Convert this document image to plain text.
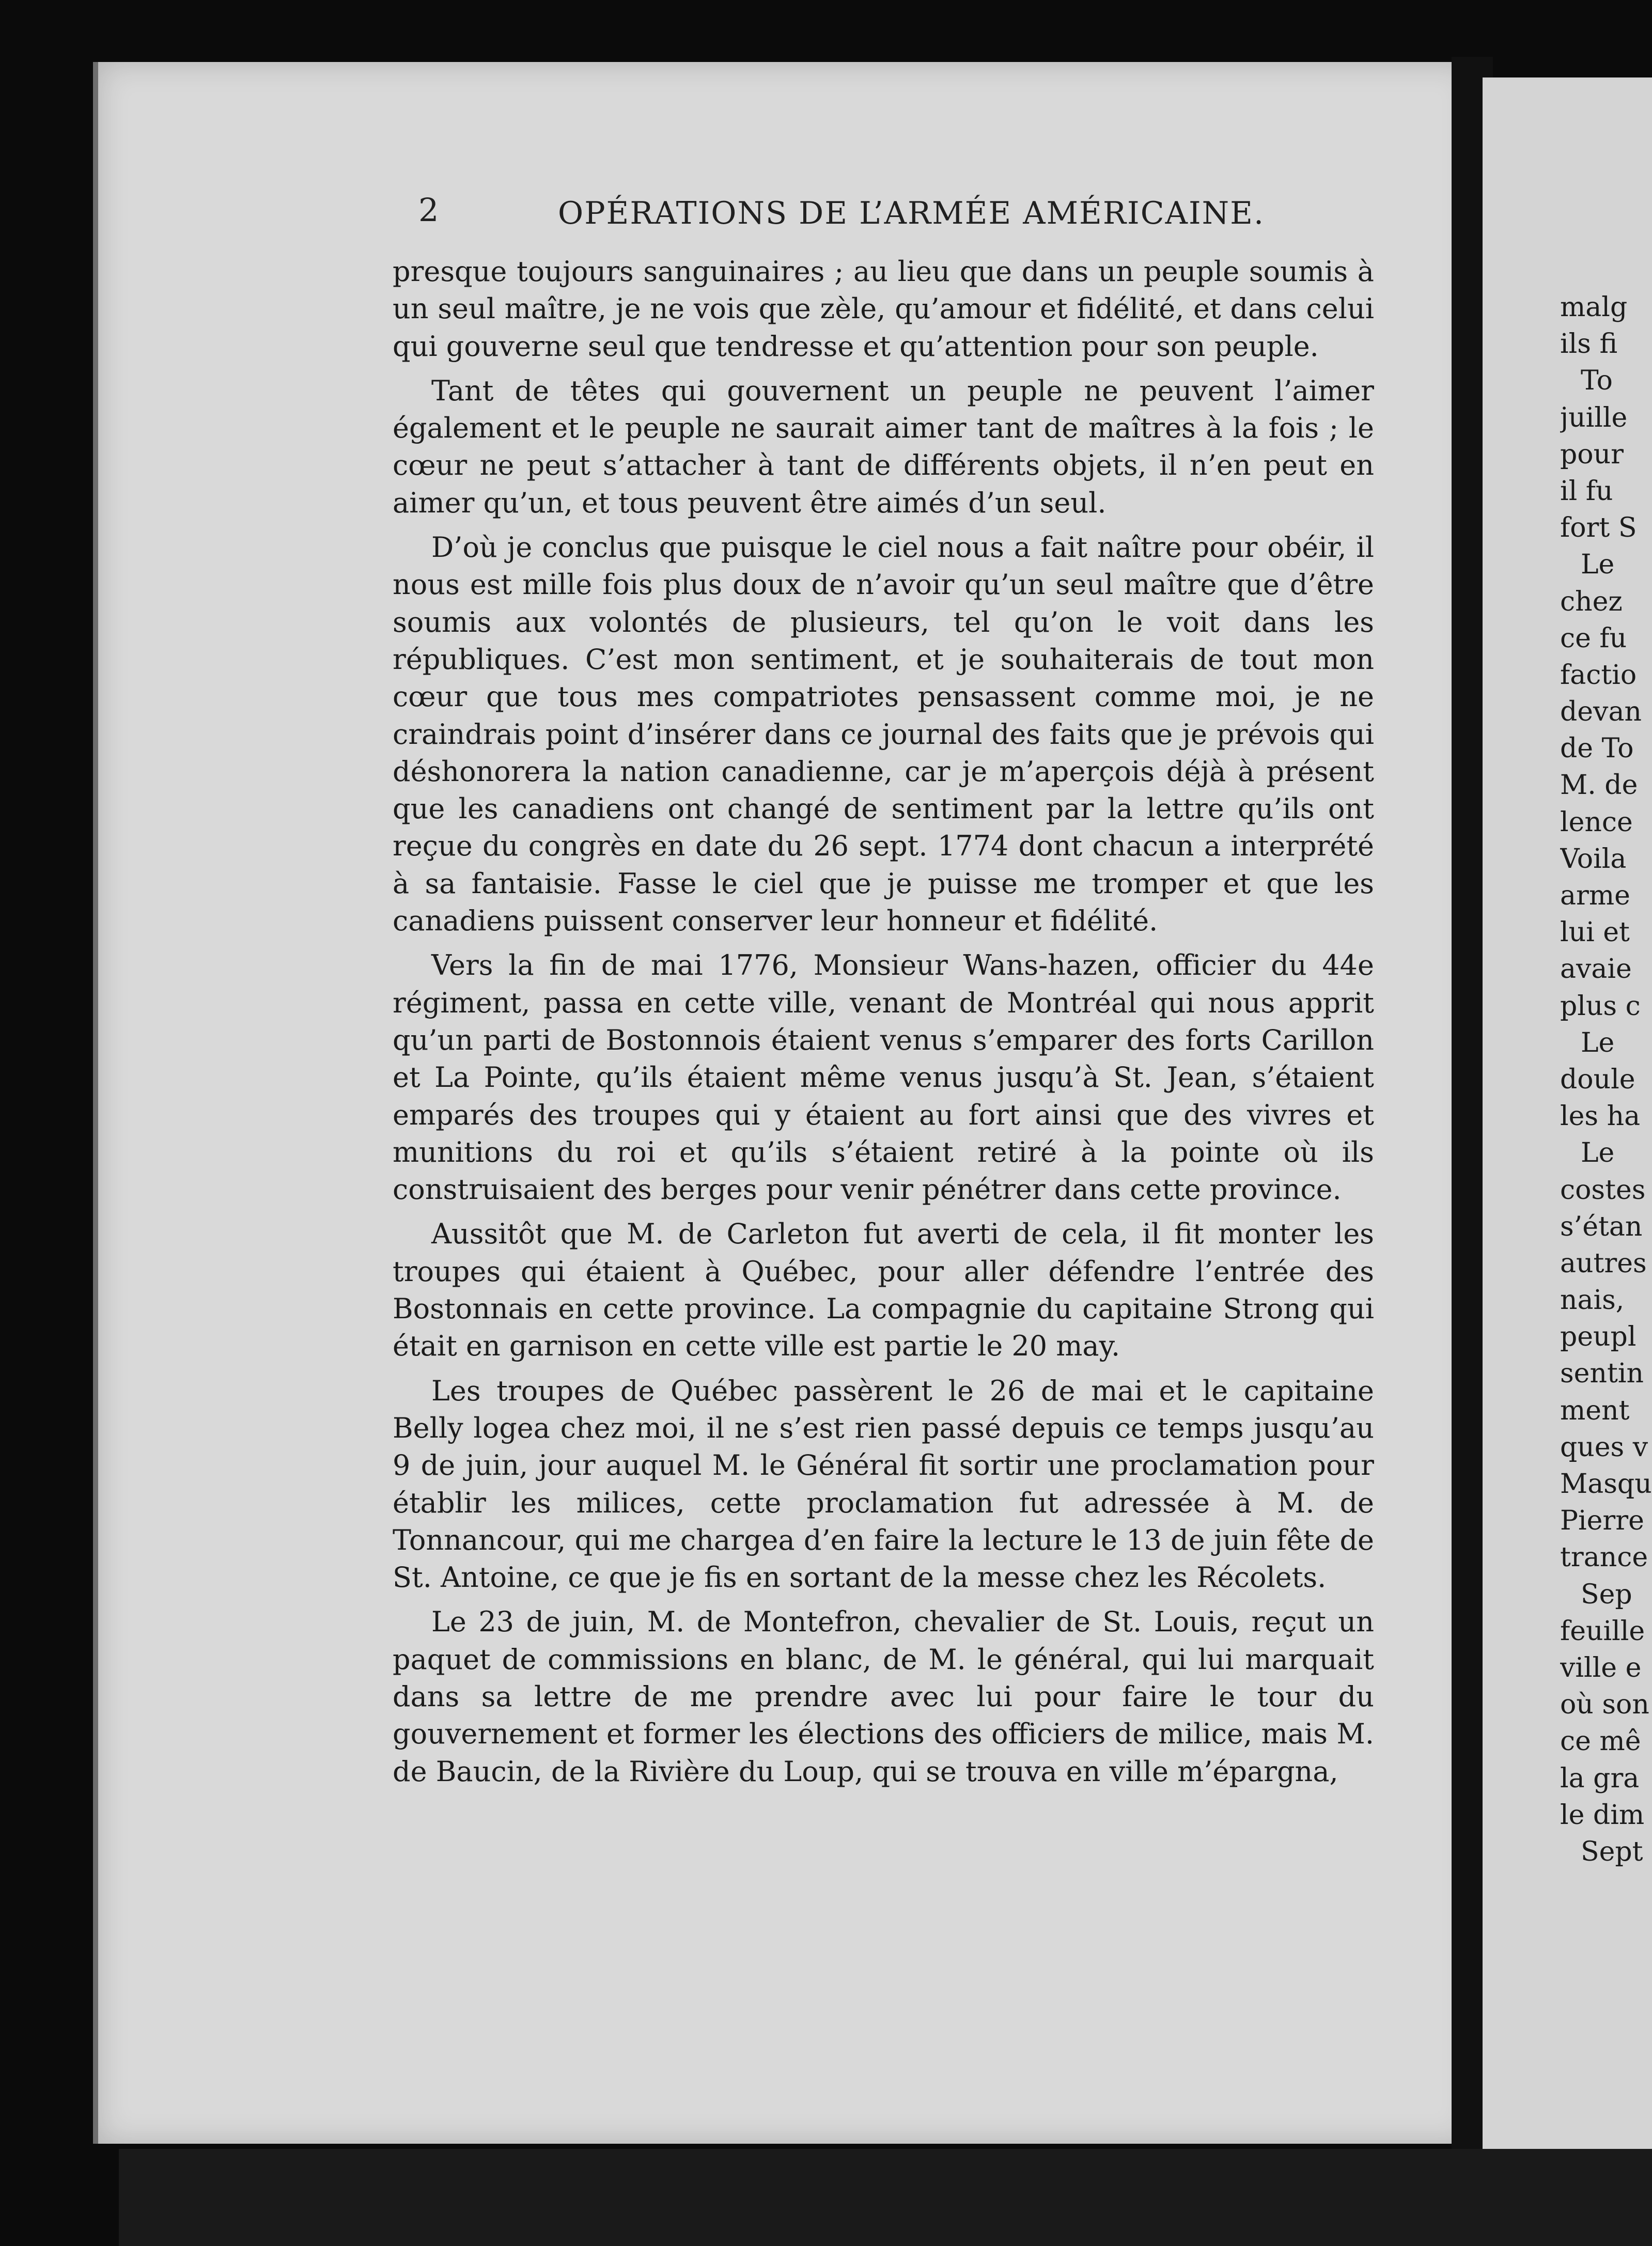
2	OPÉRATIONS DE L’ARMÉE AMÉRICAINE.

presque toujours sanguinaires ; au lieu que dans un peuple soumis à un seul maître, je ne vois que zèle, qu’amour et fidélité, et dans celui qui gouverne seul que tendresse et qu’attention pour son peuple.

Tant de têtes qui gouvernent un peuple ne peuvent l’aimer également et le peuple ne saurait aimer tant de maîtres à la fois ; le cœur ne peut s’attacher à tant de différents objets, il n’en peut en aimer qu’un, et tous peuvent être aimés d’un seul.

D’où je conclus que puisque le ciel nous a fait naître pour obéir, il nous est mille fois plus doux de n’avoir qu’un seul maître que d’être soumis aux volontés de plusieurs, tel qu’on le voit dans les républiques. C’est mon sentiment, et je souhaiterais de tout mon cœur que tous mes compatriotes pensassent comme moi, je ne craindrais point d’insérer dans ce journal des faits que je prévois qui déshonorera la nation canadienne, car je m’aperçois déjà à présent que les canadiens ont changé de sentiment par la lettre qu’ils ont reçue du congrès en date du 26 sept. 1774 dont chacun a interprété à sa fantaisie. Fasse le ciel que je puisse me tromper et que les canadiens puissent conserver leur honneur et fidélité.

Vers la fin de mai 1776, Monsieur Wans-hazen, officier du 44e régiment, passa en cette ville, venant de Montréal qui nous apprit qu’un parti de Bostonnois étaient venus s’emparer des forts Carillon et La Pointe, qu’ils étaient même venus jusqu’à St. Jean, s’étaient emparés des troupes qui y étaient au fort ainsi que des vivres et munitions du roi et qu’ils s’étaient retiré à la pointe où ils construisaient des berges pour venir pénétrer dans cette province.

Aussitôt que M. de Carleton fut averti de cela, il fit monter les troupes qui étaient à Québec, pour aller défendre l’entrée des Bostonnais en cette province. La compagnie du capitaine Strong qui était en garnison en cette ville est partie le 20 may.

Les troupes de Québec passèrent le 26 de mai et le capitaine Belly logea chez moi, il ne s’est rien passé depuis ce temps jusqu’au 9 de juin, jour auquel M. le Général fit sortir une proclamation pour établir les milices, cette proclamation fut adressée à M. de Tonnancour, qui me chargea d’en faire la lecture le 13 de juin fête de St. Antoine, ce que je fis en sortant de la messe chez les Récolets.

Le 23 de juin, M. de Montefron, chevalier de St. Louis, reçut un paquet de commissions en blanc, de M. le général, qui lui marquait dans sa lettre de me prendre avec lui pour faire le tour du gouvernement et former les élections des officiers de milice, mais M. de Baucin, de la Rivière du Loup, qui se trouva en ville m’épargna,

malg
ils fi
To
juille
pour
il fu
fort S
Le
chez
ce fu
factio
devan
de To
M. de
lence
Voila
arme
lui et
avaie
plus c
Le
doule
les ha
Le
costes
s’étan
autres
nais,
peupl
sentin
ment
ques v
Masqu
Pierre
trance
Sep
feuille
ville e
où son
ce mê
la gra
le dim
Sept
